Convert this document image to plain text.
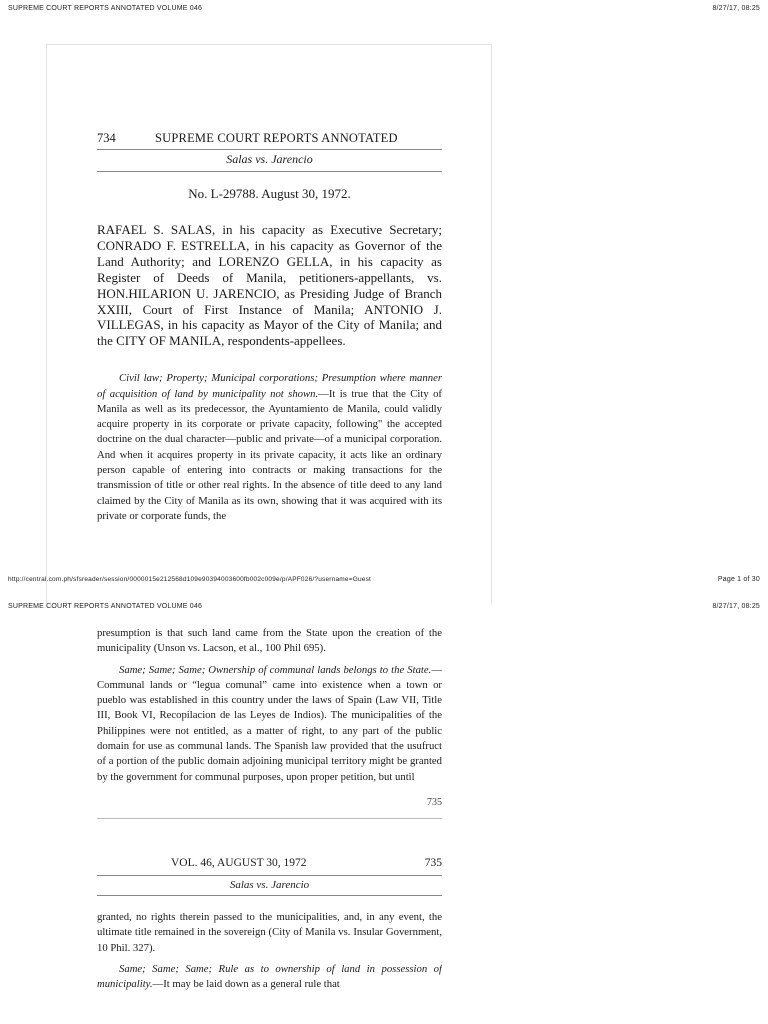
SUPREME COURT REPORTS ANNOTATED VOLUME 046	8/27/17, 08:25
734	SUPREME COURT REPORTS ANNOTATED
Salas vs. Jarencio
No. L-29788. August 30, 1972.
RAFAEL S. SALAS, in his capacity as Executive Secretary; CONRADO F. ESTRELLA, in his capacity as Governor of the Land Authority; and LORENZO GELLA, in his capacity as Register of Deeds of Manila, petitioners-appellants, vs. HON.HILARION U. JARENCIO, as Presiding Judge of Branch XXIII, Court of First Instance of Manila; ANTONIO J. VILLEGAS, in his capacity as Mayor of the City of Manila; and the CITY OF MANILA, respondents-appellees.

Civil law; Property; Municipal corporations; Presumption where manner of acquisition of land by municipality not shown.—It is true that the City of Manila as well as its predecessor, the Ayuntamiento de Manila, could validly acquire property in its corporate or private capacity, following" the accepted doctrine on the dual character—public and private—of a municipal corporation. And when it acquires property in its private capacity, it acts like an ordinary person capable of entering into contracts or making transactions for the transmission of title or other real rights. In the absence of title deed to any land claimed by the City of Manila as its own, showing that it was acquired with its private or corporate funds, the

http://central.com.ph/sfsreader/session/0000015e212568d109e90394003600fb002c009e/p/APF026/?username=Guest	Page 1 of 30
SUPREME COURT REPORTS ANNOTATED VOLUME 046	8/27/17, 08:25

presumption is that such land came from the State upon the creation of the municipality (Unson vs. Lacson, et al., 100 Phil 695).

Same; Same; Same; Ownership of communal lands belongs to the State.—Communal lands or “legua comunal” came into existence when a town or pueblo was established in this country under the laws of Spain (Law VII, Title III, Book VI, Recopilacion de las Leyes de Indios). The municipalities of the Philippines were not entitled, as a matter of right, to any part of the public domain for use as communal lands. The Spanish law provided that the usufruct of a portion of the public domain adjoining municipal territory might be granted by the government for communal purposes, upon proper petition, but until

735
VOL. 46, AUGUST 30, 1972	735
Salas vs. Jarencio

granted, no rights therein passed to the municipalities, and, in any event, the ultimate title remained in the sovereign (City of Manila vs. Insular Government, 10 Phil. 327).

Same; Same; Same; Rule as to ownership of land in possession of municipality.—It may be laid down as a general rule that
